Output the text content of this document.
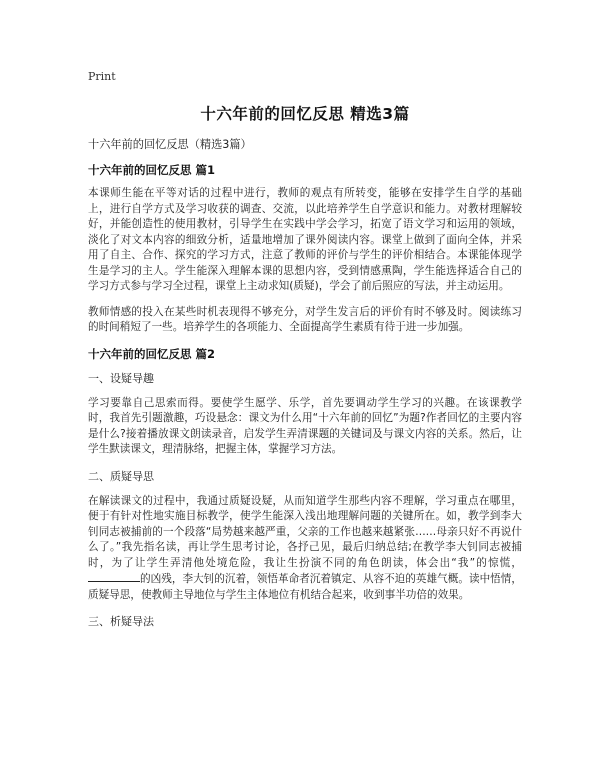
Print
十六年前的回忆反思 精选3篇
十六年前的回忆反思（精选3篇）
十六年前的回忆反思 篇1

本课师生能在平等对话的过程中进行，教师的观点有所转变，能够在安排学生自学的基础上，进行自学方式及学习收获的调查、交流，以此培养学生自学意识和能力。对教材理解较好，并能创造性的使用教材，引导学生在实践中学会学习，拓宽了语文学习和运用的领域，淡化了对文本内容的细致分析，适量地增加了课外阅读内容。课堂上做到了面向全体，并采用了自主、合作、探究的学习方式，注意了教师的评价与学生的评价相结合。本课能体现学生是学习的主人。学生能深入理解本课的思想内容，受到情感熏陶，学生能选择适合自己的学习方式参与学习全过程，课堂上主动求知(质疑)，学会了前后照应的写法，并主动运用。

教师情感的投入在某些时机表现得不够充分，对学生发言后的评价有时不够及时。阅读练习的时间稍短了一些。培养学生的各项能力、全面提高学生素质有待于进一步加强。

十六年前的回忆反思 篇2
一、设疑导趣

学习要靠自己思索而得。要使学生愿学、乐学，首先要调动学生学习的兴趣。在该课教学时，我首先引题激趣，巧设悬念：课文为什么用“十六年前的回忆”为题?作者回忆的主要内容是什么?接着播放课文朗读录音，启发学生弄清课题的关键词及与课文内容的关系。然后，让学生默读课文，理清脉络，把握主体，掌握学习方法。

二、质疑导思

在解读课文的过程中，我通过质疑设疑，从而知道学生那些内容不理解，学习重点在哪里，便于有针对性地实施目标教学，使学生能深入浅出地理解问题的关键所在。如，教学到李大钊同志被捕前的一个段落“局势越来越严重，父亲的工作也越来越紧张……母亲只好不再说什么了。”我先指名读，再让学生思考讨论，各抒己见，最后归纳总结;在教学李大钊同志被捕时，为了让学生弄清他处境危险，我让生扮演不同的角色朗读，体会出“我”的惊慌，的凶残，李大钊的沉着，领悟革命者沉着镇定、从容不迫的英雄气概。读中悟情，质疑导思，使教师主导地位与学生主体地位有机结合起来，收到事半功倍的效果。

三、析疑导法
